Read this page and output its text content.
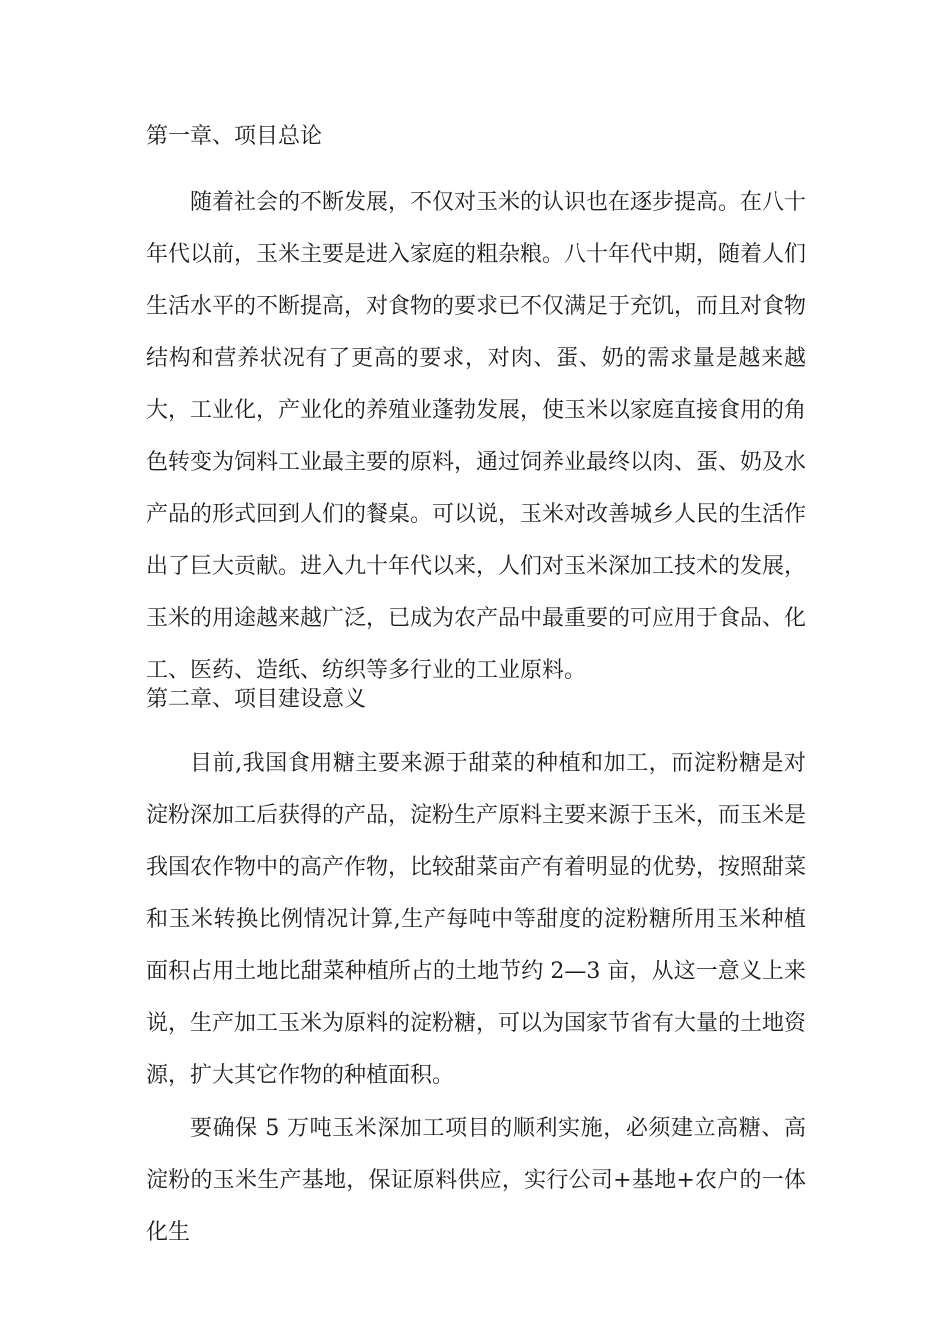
第一章、项目总论

随着社会的不断发展，不仅对玉米的认识也在逐步提高。在八十年代以前，玉米主要是进入家庭的粗杂粮。八十年代中期，随着人们生活水平的不断提高，对食物的要求已不仅满足于充饥，而且对食物结构和营养状况有了更高的要求，对肉、蛋、奶的需求量是越来越大，工业化，产业化的养殖业蓬勃发展，使玉米以家庭直接食用的角色转变为饲料工业最主要的原料，通过饲养业最终以肉、蛋、奶及水产品的形式回到人们的餐桌。可以说，玉米对改善城乡人民的生活作出了巨大贡献。进入九十年代以来，人们对玉米深加工技术的发展，玉米的用途越来越广泛，已成为农产品中最重要的可应用于食品、化工、医药、造纸、纺织等多行业的工业原料。

第二章、项目建设意义

目前,我国食用糖主要来源于甜菜的种植和加工，而淀粉糖是对淀粉深加工后获得的产品，淀粉生产原料主要来源于玉米，而玉米是我国农作物中的高产作物，比较甜菜亩产有着明显的优势，按照甜菜和玉米转换比例情况计算,生产每吨中等甜度的淀粉糖所用玉米种植面积占用土地比甜菜种植所占的土地节约 2—3 亩，从这一意义上来说，生产加工玉米为原料的淀粉糖，可以为国家节省有大量的土地资源，扩大其它作物的种植面积。

要确保 5 万吨玉米深加工项目的顺利实施，必须建立高糖、高淀粉的玉米生产基地，保证原料供应，实行公司+基地+农户的一体化生
